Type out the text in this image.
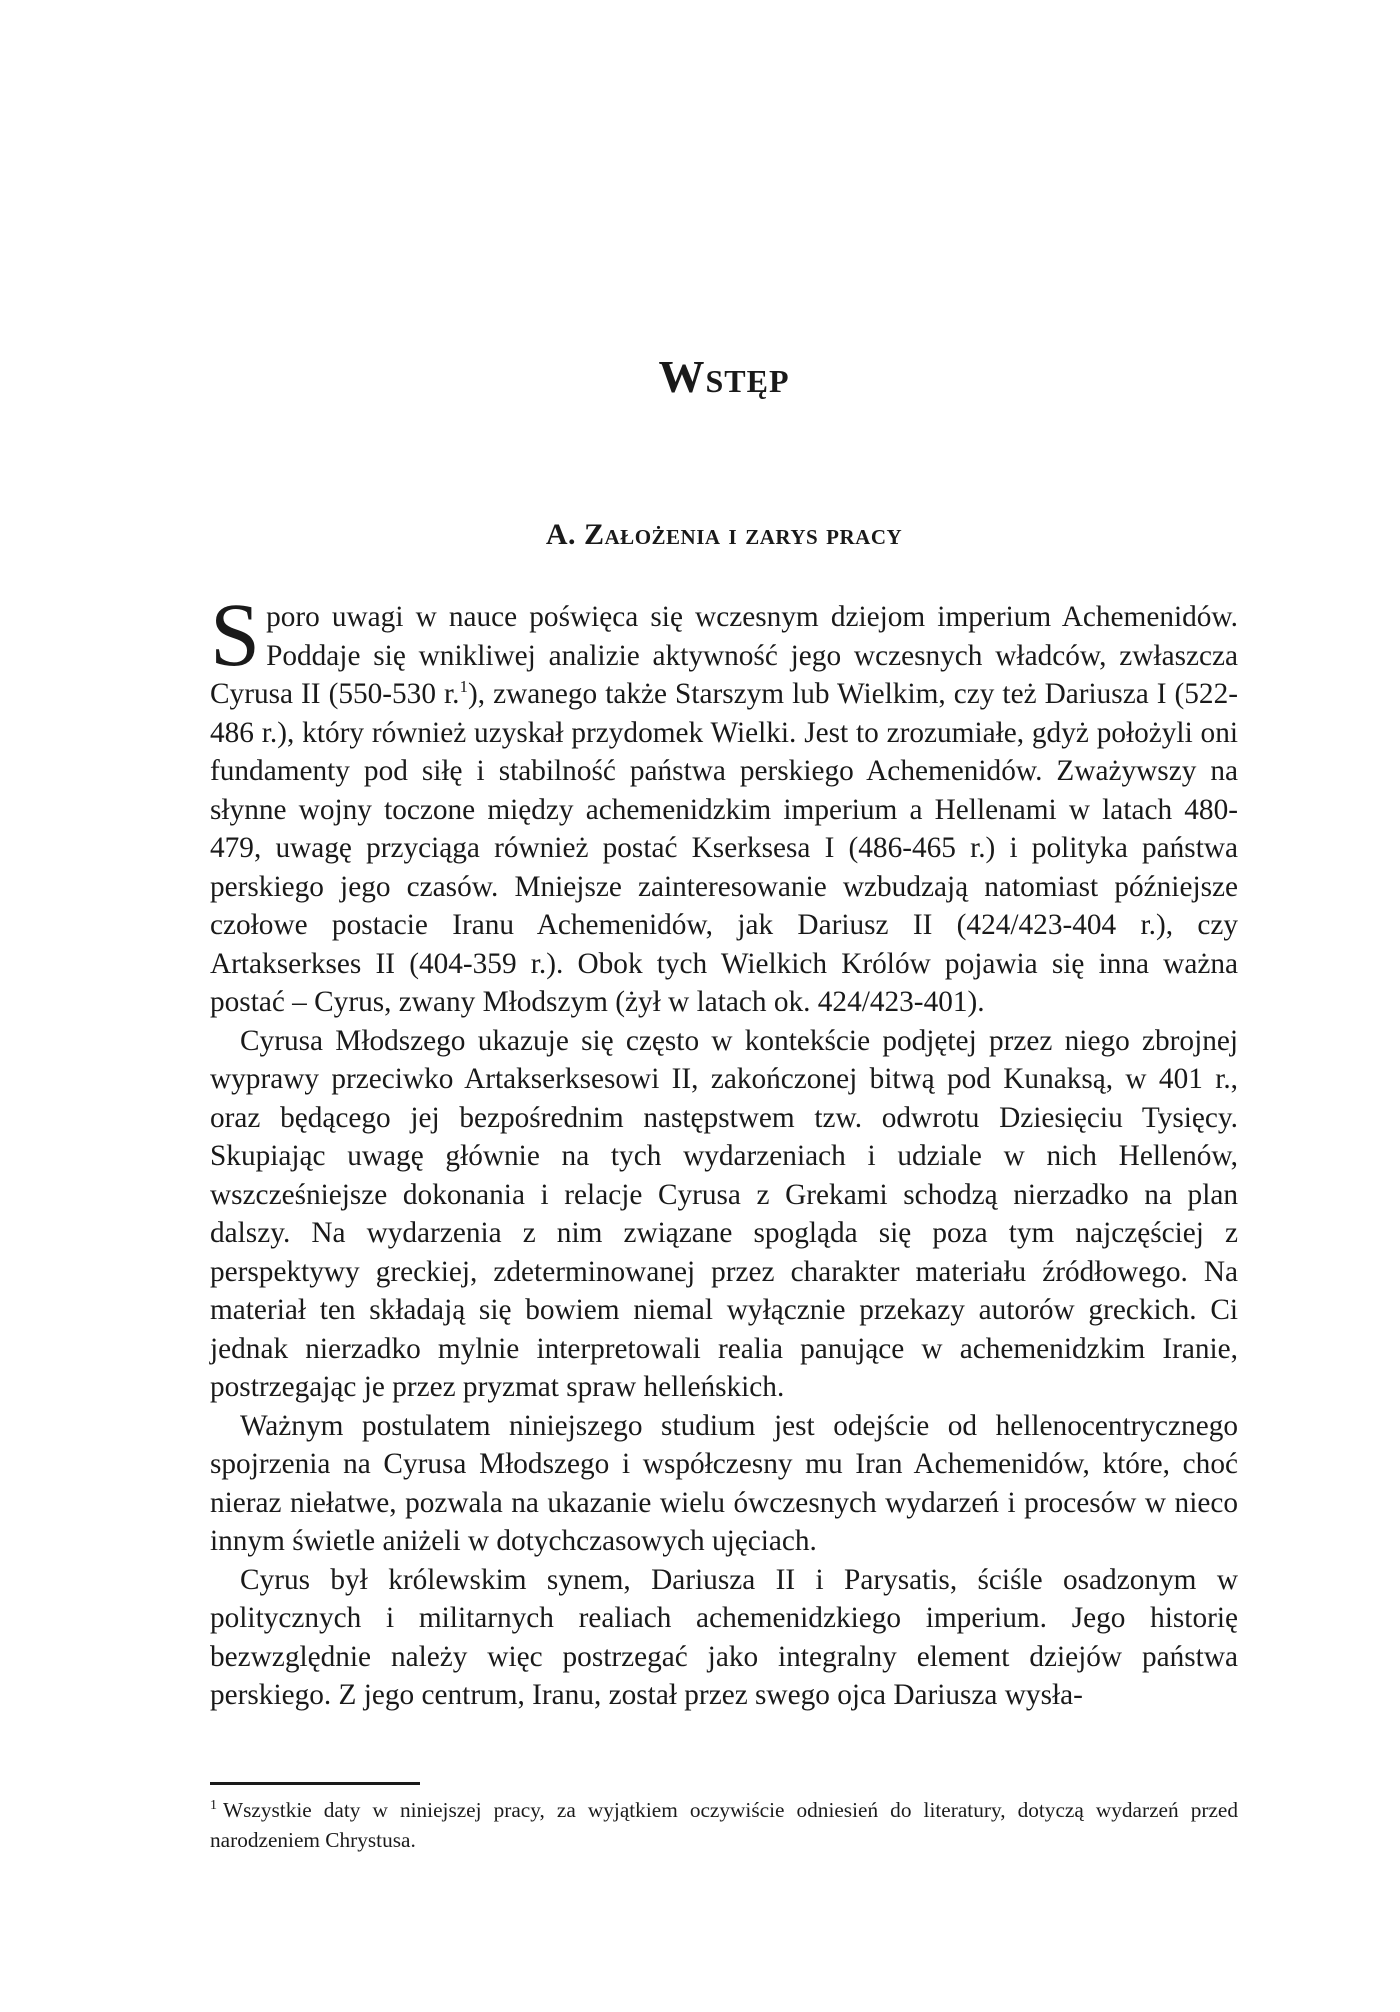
Wstęp
A. Założenia i zarys pracy

Sporo uwagi w nauce poświęca się wczesnym dziejom imperium Achemenidów. Poddaje się wnikliwej analizie aktywność jego wczesnych władców, zwłaszcza Cyrusa II (550-530 r.$^1$), zwanego także Starszym lub Wielkim, czy też Dariusza I (522-486 r.), który również uzyskał przydomek Wielki. Jest to zrozumiałe, gdyż położyli oni fundamenty pod siłę i stabilność państwa perskiego Achemenidów. Zważywszy na słynne wojny toczone między achemenidzkim imperium a Hellenami w latach 480-479, uwagę przyciąga również postać Kserksesa I (486-465 r.) i polityka państwa perskiego jego czasów. Mniejsze zainteresowanie wzbudzają natomiast późniejsze czołowe postacie Iranu Achemenidów, jak Dariusz II (424/423-404 r.), czy Artakserkses II (404-359 r.). Obok tych Wielkich Królów pojawia się inna ważna postać – Cyrus, zwany Młodszym (żył w latach ok. 424/423-401).

Cyrusa Młodszego ukazuje się często w kontekście podjętej przez niego zbrojnej wyprawy przeciwko Artakserksesowi II, zakończonej bitwą pod Kunaksą, w 401 r., oraz będącego jej bezpośrednim następstwem tzw. odwrotu Dziesięciu Tysięcy. Skupiając uwagę głównie na tych wydarzeniach i udziale w nich Hellenów, wszcześniejsze dokonania i relacje Cyrusa z Grekami schodzą nierzadko na plan dalszy. Na wydarzenia z nim związane spogląda się poza tym najczęściej z perspektywy greckiej, zdeterminowanej przez charakter materiału źródłowego. Na materiał ten składają się bowiem niemal wyłącznie przekazy autorów greckich. Ci jednak nierzadko mylnie interpretowali realia panujące w achemenidzkim Iranie, postrzegając je przez pryzmat spraw helleńskich.

Ważnym postulatem niniejszego studium jest odejście od hellenocentrycznego spojrzenia na Cyrusa Młodszego i współczesny mu Iran Achemenidów, które, choć nieraz niełatwe, pozwala na ukazanie wielu ówczesnych wydarzeń i procesów w nieco innym świetle aniżeli w dotychczasowych ujęciach.

Cyrus był królewskim synem, Dariusza II i Parysatis, ściśle osadzonym w politycznych i militarnych realiach achemenidzkiego imperium. Jego historię bezwzględnie należy więc postrzegać jako integralny element dziejów państwa perskiego. Z jego centrum, Iranu, został przez swego ojca Dariusza wysła-

$^1$ Wszystkie daty w niniejszej pracy, za wyjątkiem oczywiście odniesień do literatury, dotyczą wydarzeń przed narodzeniem Chrystusa.
